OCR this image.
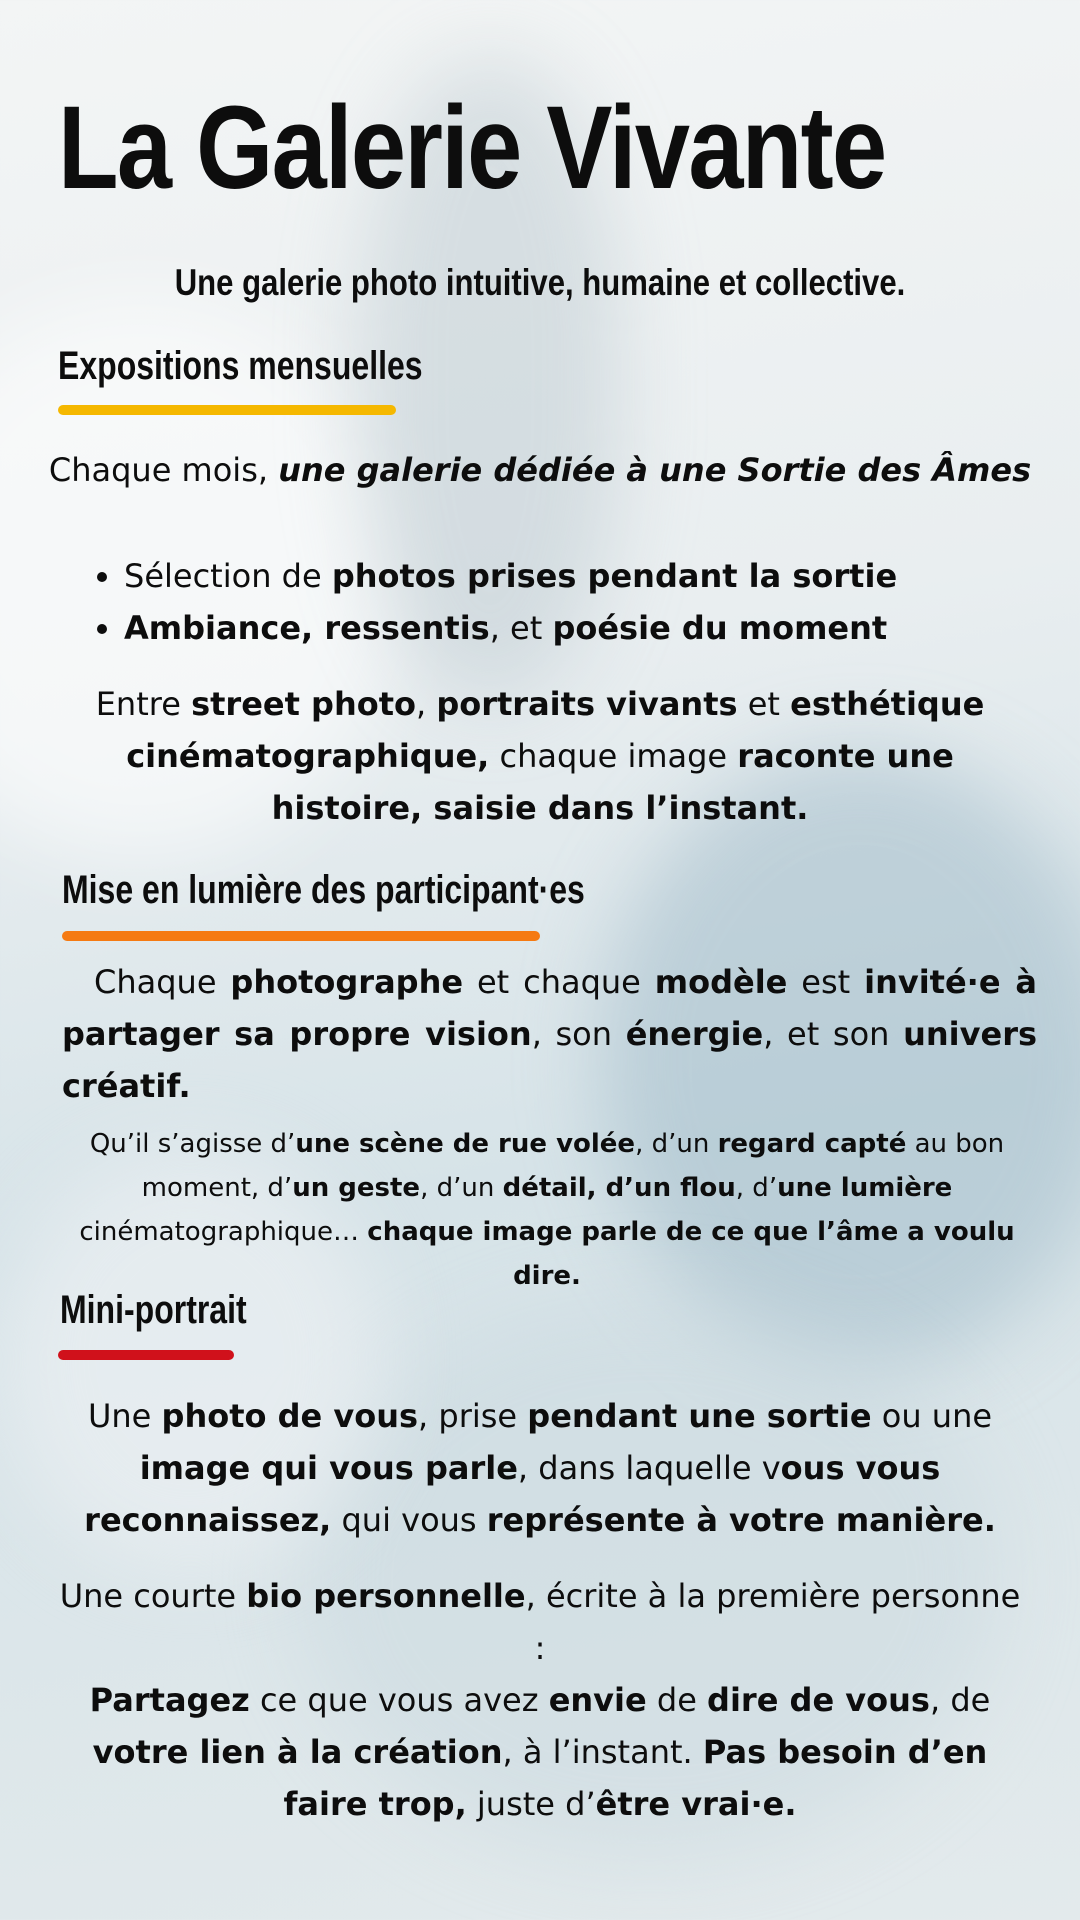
La Galerie Vivante
Une galerie photo intuitive, humaine et collective.
Expositions mensuelles
Chaque mois, une galerie dédiée à une Sortie des Âmes
• Sélection de photos prises pendant la sortie
• Ambiance, ressentis, et poésie du moment
Entre street photo, portraits vivants et esthétique cinématographique, chaque image raconte une histoire, saisie dans l’instant.
Mise en lumière des participant·es
Chaque photographe et chaque modèle est invité·e à partager sa propre vision, son énergie, et son univers créatif.
Qu’il s’agisse d’une scène de rue volée, d’un regard capté au bon moment, d’un geste, d’un détail, d’un flou, d’une lumière cinématographique… chaque image parle de ce que l’âme a voulu dire.
Mini-portrait
Une photo de vous, prise pendant une sortie ou une image qui vous parle, dans laquelle vous vous reconnaissez, qui vous représente à votre manière.
Une courte bio personnelle, écrite à la première personne :
Partagez ce que vous avez envie de dire de vous, de votre lien à la création, à l’instant. Pas besoin d’en faire trop, juste d’être vrai·e.
